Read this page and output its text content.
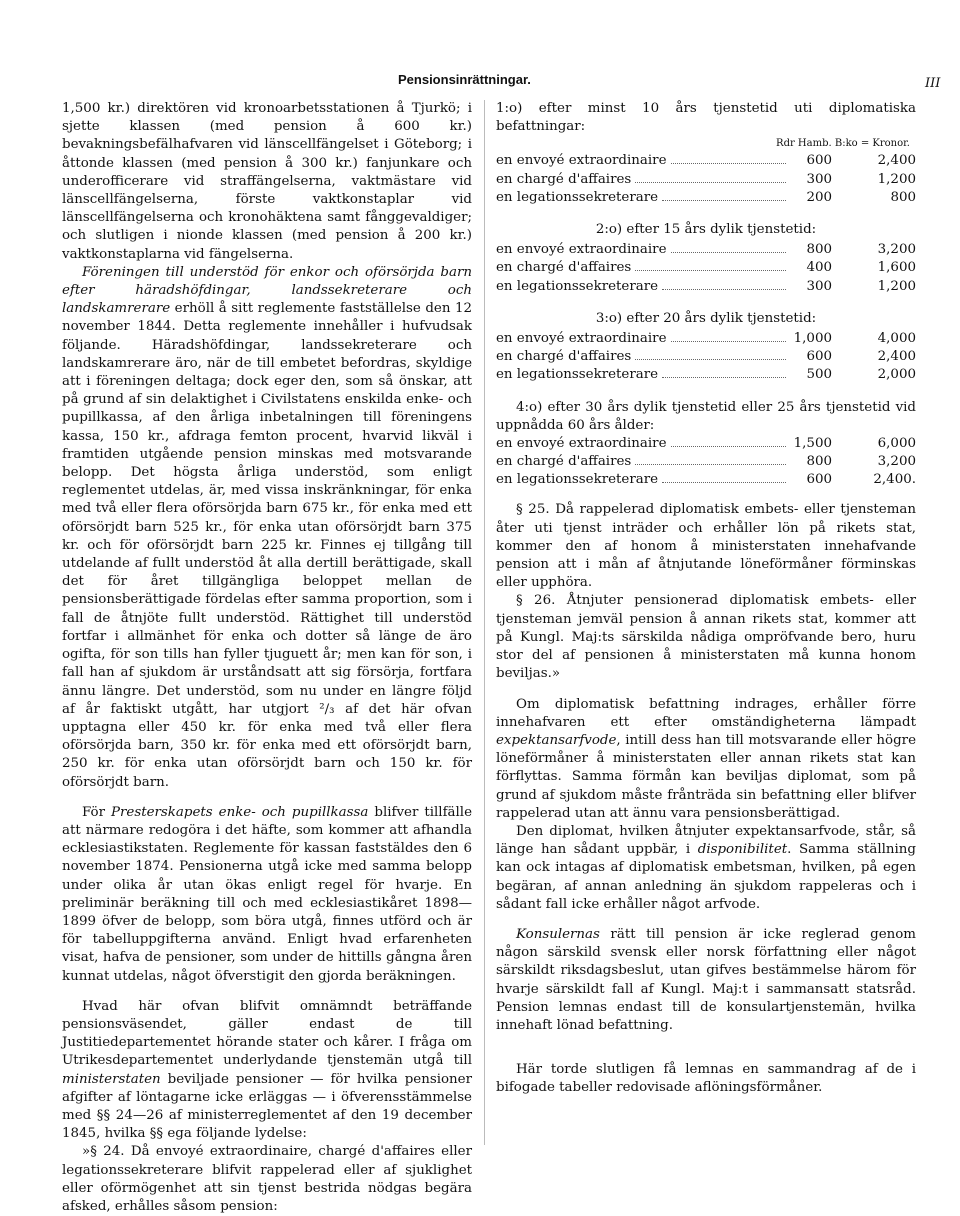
Pensionsinrättningar.	III

1,500 kr.) direktören vid kronoarbetsstationen å Tjurkö; i sjette klassen (med pension å 600 kr.) bevakningsbefälhafvaren vid länscellfängelset i Göteborg; i åttonde klassen (med pension å 300 kr.) fanjunkare och underofficerare vid straffängelserna, vaktmästare vid länscellfängelserna, förste vaktkonstaplar vid länscellfängelserna och kronohäktena samt fånggevaldiger; och slutligen i nionde klassen (med pension å 200 kr.) vaktkonstaplarna vid fängelserna.

Föreningen till understöd för enkor och oförsörjda barn efter häradshöfdingar, landssekreterare och landskamrerare erhöll å sitt reglemente fastställelse den 12 november 1844. Detta reglemente innehåller i hufvudsak följande. Häradshöfdingar, landssekreterare och landskamrerare äro, när de till embetet befordras, skyldige att i föreningen deltaga; dock eger den, som så önskar, att på grund af sin delaktighet i Civilstatens enskilda enke- och pupillkassa, af den årliga inbetalningen till föreningens kassa, 150 kr., afdraga femton procent, hvarvid likväl i framtiden utgående pension minskas med motsvarande belopp. Det högsta årliga understöd, som enligt reglementet utdelas, är, med vissa inskränkningar, för enka med två eller flera oförsörjda barn 675 kr., för enka med ett oförsörjdt barn 525 kr., för enka utan oförsörjdt barn 375 kr. och för oförsörjdt barn 225 kr. Finnes ej tillgång till utdelande af fullt understöd åt alla dertill berättigade, skall det för året tillgängliga beloppet mellan de pensionsberättigade fördelas efter samma proportion, som i fall de åtnjöte fullt understöd. Rättighet till understöd fortfar i allmänhet för enka och dotter så länge de äro ogifta, för son tills han fyller tjuguett år; men kan för son, i fall han af sjukdom är urståndsatt att sig försörja, fortfara ännu längre. Det understöd, som nu under en längre följd af år faktiskt utgått, har utgjort ²/₃ af det här ofvan upptagna eller 450 kr. för enka med två eller flera oförsörjda barn, 350 kr. för enka med ett oförsörjdt barn, 250 kr. för enka utan oförsörjdt barn och 150 kr. för oförsörjdt barn.

För Presterskapets enke- och pupillkassa blifver tillfälle att närmare redogöra i det häfte, som kommer att afhandla ecklesiastikstaten. Reglemente för kassan faststäldes den 6 november 1874. Pensionerna utgå icke med samma belopp under olika år utan ökas enligt regel för hvarje. En preliminär beräkning till och med ecklesiastikåret 1898—1899 öfver de belopp, som böra utgå, finnes utförd och är för tabelluppgifterna använd. Enligt hvad erfarenheten visat, hafva de pensioner, som under de hittills gångna åren kunnat utdelas, något öfverstigit den gjorda beräkningen.

Hvad här ofvan blifvit omnämndt beträffande pensionsväsendet, gäller endast de till Justitiedepartementet hörande stater och kårer. I fråga om Utrikesdepartementet underlydande tjenstemän utgå till ministerstaten beviljade pensioner — för hvilka pensioner afgifter af löntagarne icke erläggas — i öfverensstämmelse med §§ 24—26 af ministerreglementet af den 19 december 1845, hvilka §§ ega följande lydelse:

»§ 24. Då envoyé extraordinaire, chargé d'affaires eller legationssekreterare blifvit rappelerad eller af sjuklighet eller oförmögenhet att sin tjenst bestrida nödgas begära afsked, erhålles såsom pension:

1:o) efter minst 10 års tjenstetid uti diplomatiska befattningar:

Rdr Hamb. B:ko = Kronor.
en envoyé extraordinaire	600	2,400
en chargé d'affaires	300	1,200
en legationssekreterare	200	800
2:o) efter 15 års dylik tjenstetid:
en envoyé extraordinaire	800	3,200
en chargé d'affaires	400	1,600
en legationssekreterare	300	1,200
3:o) efter 20 års dylik tjenstetid:
en envoyé extraordinaire	1,000	4,000
en chargé d'affaires	600	2,400
en legationssekreterare	500	2,000

4:o) efter 30 års dylik tjenstetid eller 25 års tjenstetid vid uppnådda 60 års ålder:

en envoyé extraordinaire	1,500	6,000
en chargé d'affaires	800	3,200
en legationssekreterare	600	2,400.

§ 25. Då rappelerad diplomatisk embets- eller tjensteman åter uti tjenst inträder och erhåller lön på rikets stat, kommer den af honom å ministerstaten innehafvande pension att i mån af åtnjutande löneförmåner förminskas eller upphöra.

§ 26. Åtnjuter pensionerad diplomatisk embets- eller tjensteman jemväl pension å annan rikets stat, kommer att på Kungl. Maj:ts särskilda nådiga ompröfvande bero, huru stor del af pensionen å ministerstaten må kunna honom beviljas.»

Om diplomatisk befattning indrages, erhåller förre innehafvaren ett efter omständigheterna lämpadt expektansarfvode, intill dess han till motsvarande eller högre löneförmåner å ministerstaten eller annan rikets stat kan förflyttas. Samma förmån kan beviljas diplomat, som på grund af sjukdom måste frånträda sin befattning eller blifver rappelerad utan att ännu vara pensionsberättigad.

Den diplomat, hvilken åtnjuter expektansarfvode, står, så länge han sådant uppbär, i disponibilitet. Samma ställning kan ock intagas af diplomatisk embetsman, hvilken, på egen begäran, af annan anledning än sjukdom rappeleras och i sådant fall icke erhåller något arfvode.

Konsulernas rätt till pension är icke reglerad genom någon särskild svensk eller norsk författning eller något särskildt riksdagsbeslut, utan gifves bestämmelse härom för hvarje särskildt fall af Kungl. Maj:t i sammansatt statsråd. Pension lemnas endast till de konsulartjenstemän, hvilka innehaft lönad befattning.

Här torde slutligen få lemnas en sammandrag af de i bifogade tabeller redovisade aflöningsförmåner.
